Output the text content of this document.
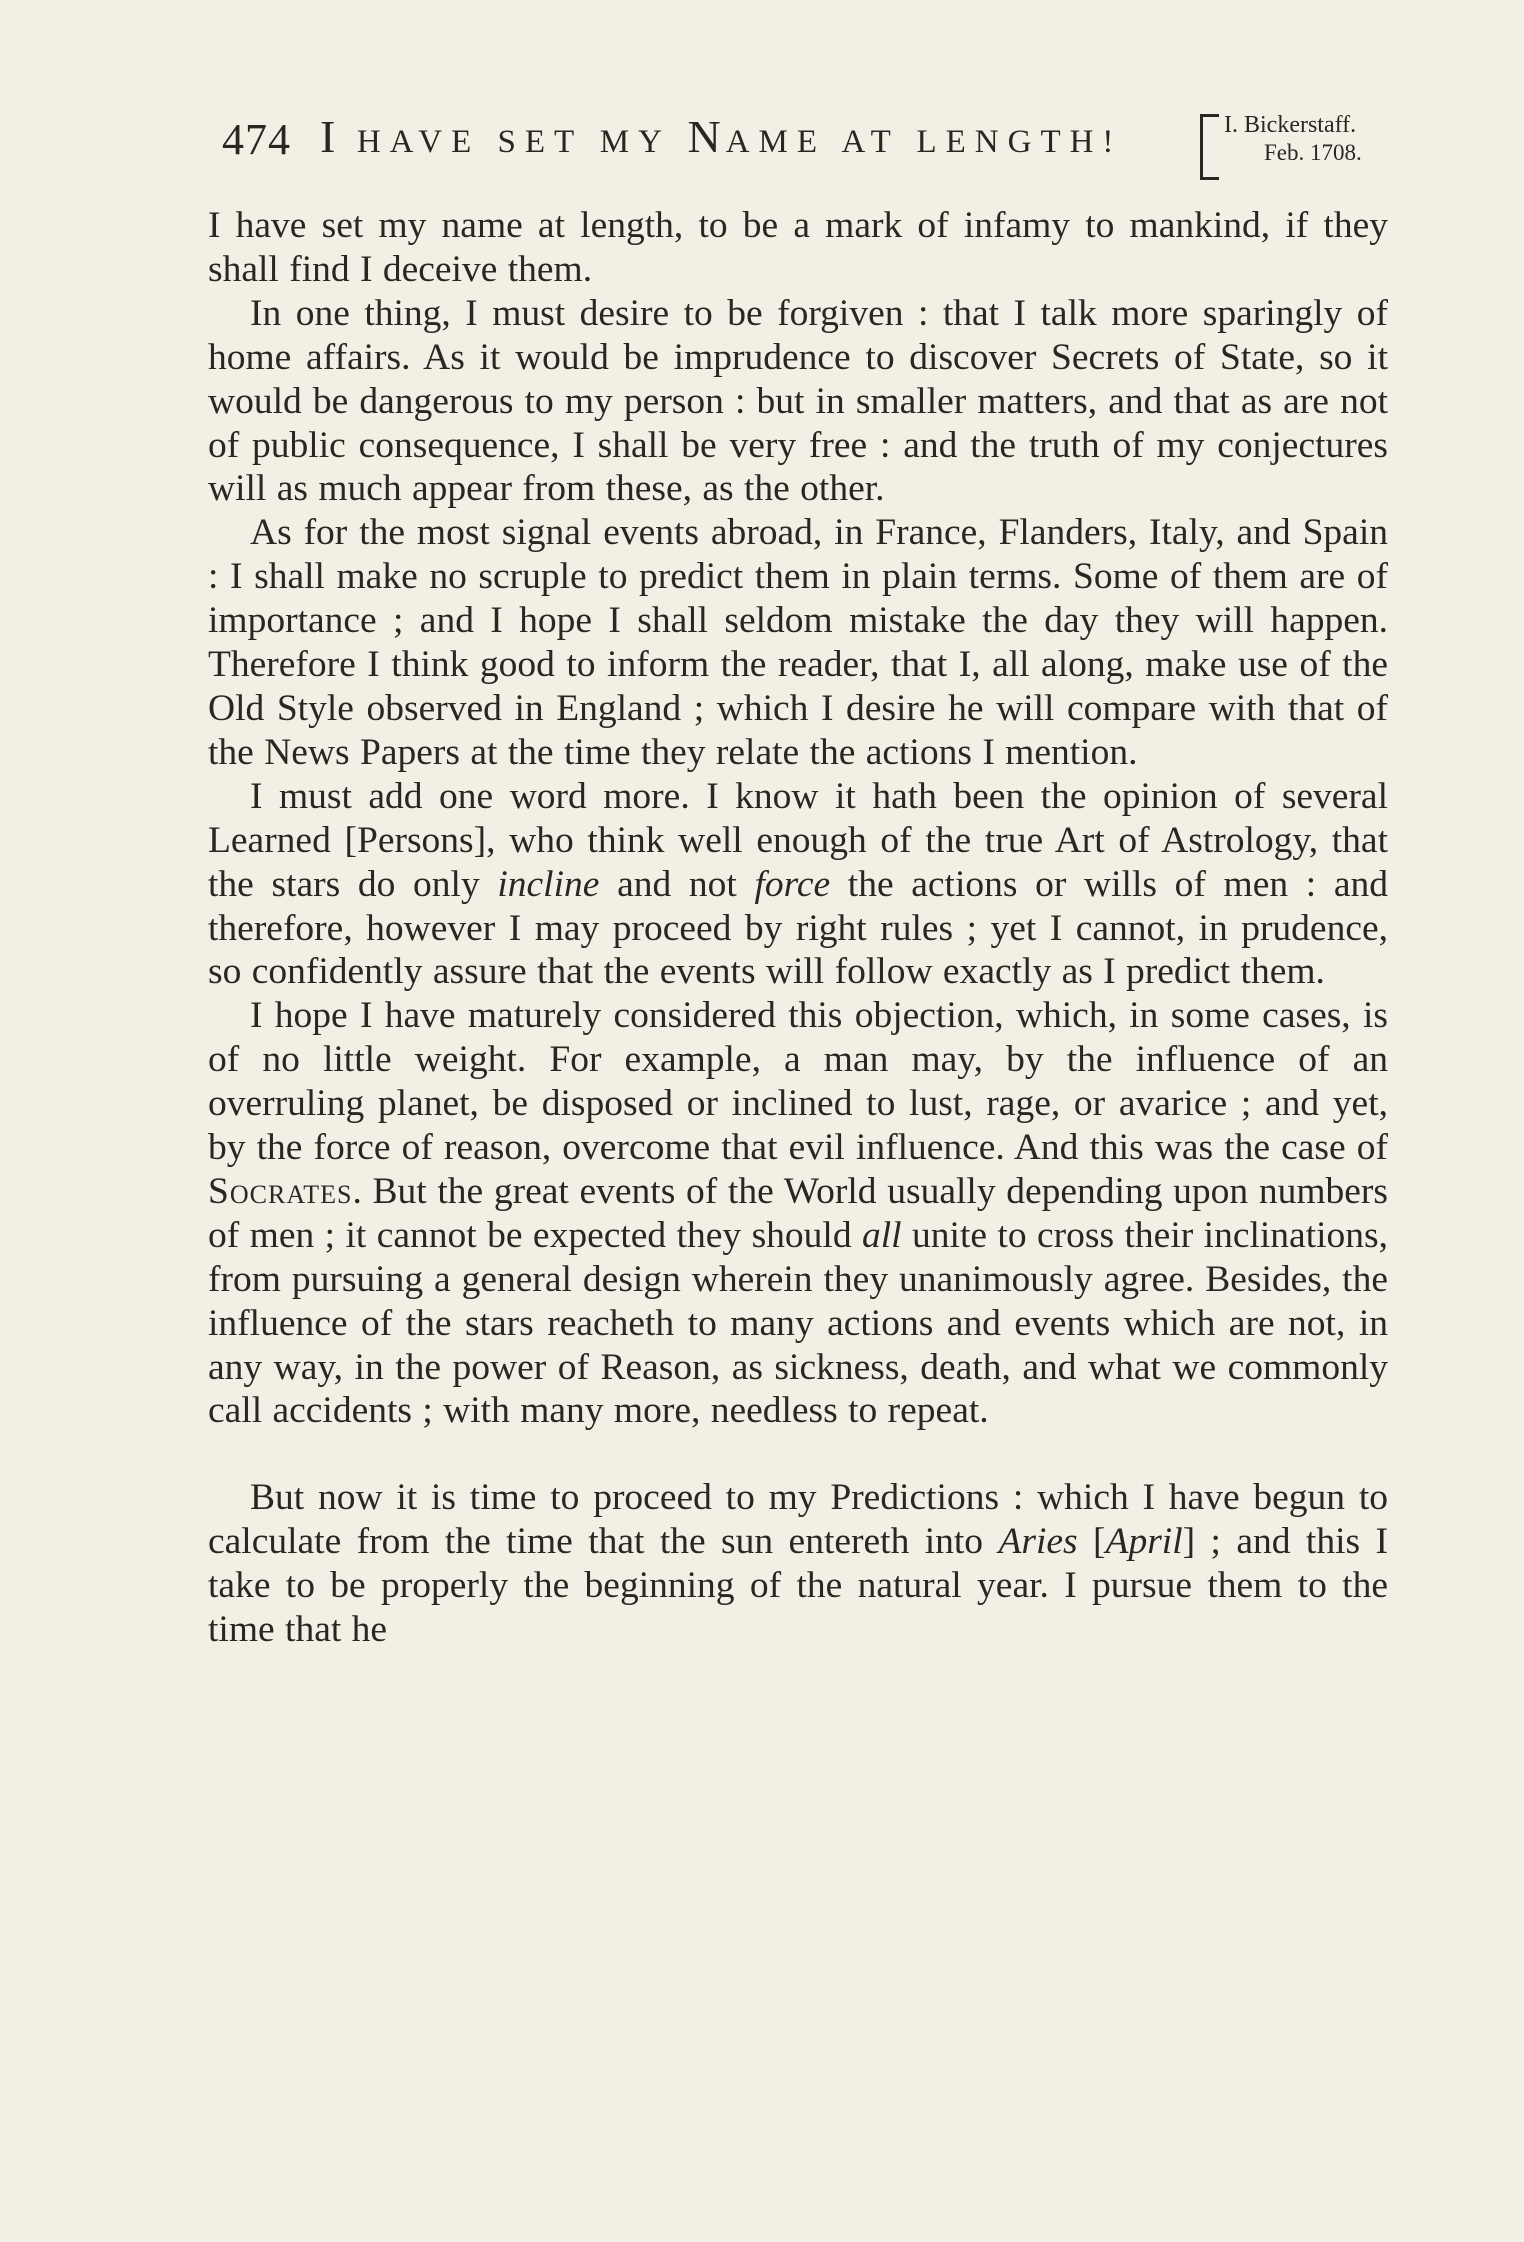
474 I HAVE SET MY NAME AT LENGTH!	I. Bickerstaff.
Feb. 1708.

I have set my name at length, to be a mark of infamy to mankind, if they shall find I deceive them.

In one thing, I must desire to be forgiven : that I talk more sparingly of home affairs. As it would be imprudence to discover Secrets of State, so it would be dangerous to my person : but in smaller matters, and that as are not of public consequence, I shall be very free : and the truth of my conjectures will as much appear from these, as the other.

As for the most signal events abroad, in France, Flanders, Italy, and Spain : I shall make no scruple to predict them in plain terms. Some of them are of importance ; and I hope I shall seldom mistake the day they will happen. Therefore I think good to inform the reader, that I, all along, make use of the Old Style observed in England ; which I desire he will compare with that of the News Papers at the time they relate the actions I mention.

I must add one word more. I know it hath been the opinion of several Learned [Persons], who think well enough of the true Art of Astrology, that the stars do only incline and not force the actions or wills of men : and therefore, however I may proceed by right rules ; yet I cannot, in prudence, so confidently assure that the events will follow exactly as I predict them.

I hope I have maturely considered this objection, which, in some cases, is of no little weight. For example, a man may, by the influence of an overruling planet, be disposed or inclined to lust, rage, or avarice ; and yet, by the force of reason, overcome that evil influence. And this was the case of Socrates. But the great events of the World usually depending upon numbers of men ; it cannot be expected they should all unite to cross their inclinations, from pursuing a general design wherein they unanimously agree. Besides, the influence of the stars reacheth to many actions and events which are not, in any way, in the power of Reason, as sickness, death, and what we commonly call accidents ; with many more, needless to repeat.

But now it is time to proceed to my Predictions : which I have begun to calculate from the time that the sun entereth into Aries [April] ; and this I take to be properly the beginning of the natural year. I pursue them to the time that he
